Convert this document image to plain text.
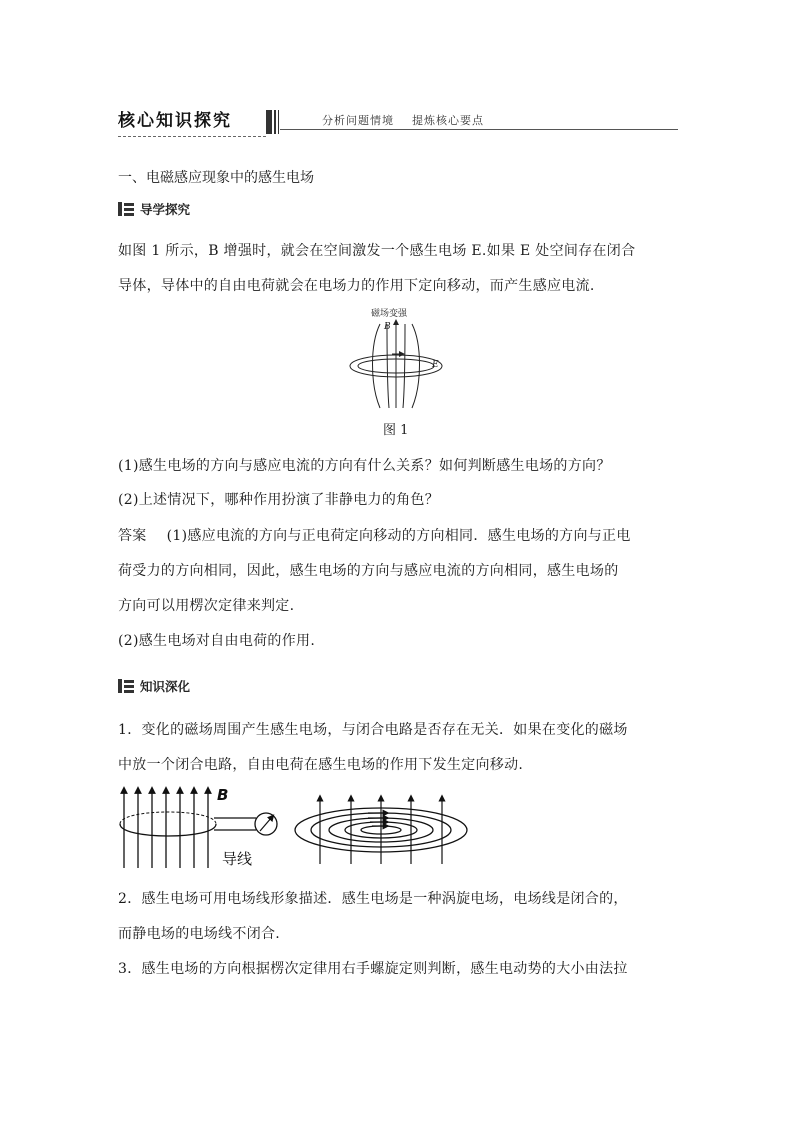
核心知识探究	分析问题情境    提炼核心要点
一、电磁感应现象中的感生电场
导学探究
如图 1 所示，B 增强时，就会在空间激发一个感生电场 E.如果 E 处空间存在闭合
导体，导体中的自由电荷就会在电场力的作用下定向移动，而产生感应电流.
磁场变强
B
E
图 1
(1)感生电场的方向与感应电流的方向有什么关系？如何判断感生电场的方向？
(2)上述情况下，哪种作用扮演了非静电力的角色？
答案 (1)感应电流的方向与正电荷定向移动的方向相同．感生电场的方向与正电
荷受力的方向相同，因此，感生电场的方向与感应电流的方向相同，感生电场的
方向可以用楞次定律来判定.
(2)感生电场对自由电荷的作用.
知识深化
1．变化的磁场周围产生感生电场，与闭合电路是否存在无关．如果在变化的磁场
中放一个闭合电路，自由电荷在感生电场的作用下发生定向移动.
B
导线
2．感生电场可用电场线形象描述．感生电场是一种涡旋电场，电场线是闭合的，
而静电场的电场线不闭合.
3．感生电场的方向根据楞次定律用右手螺旋定则判断，感生电动势的大小由法拉
